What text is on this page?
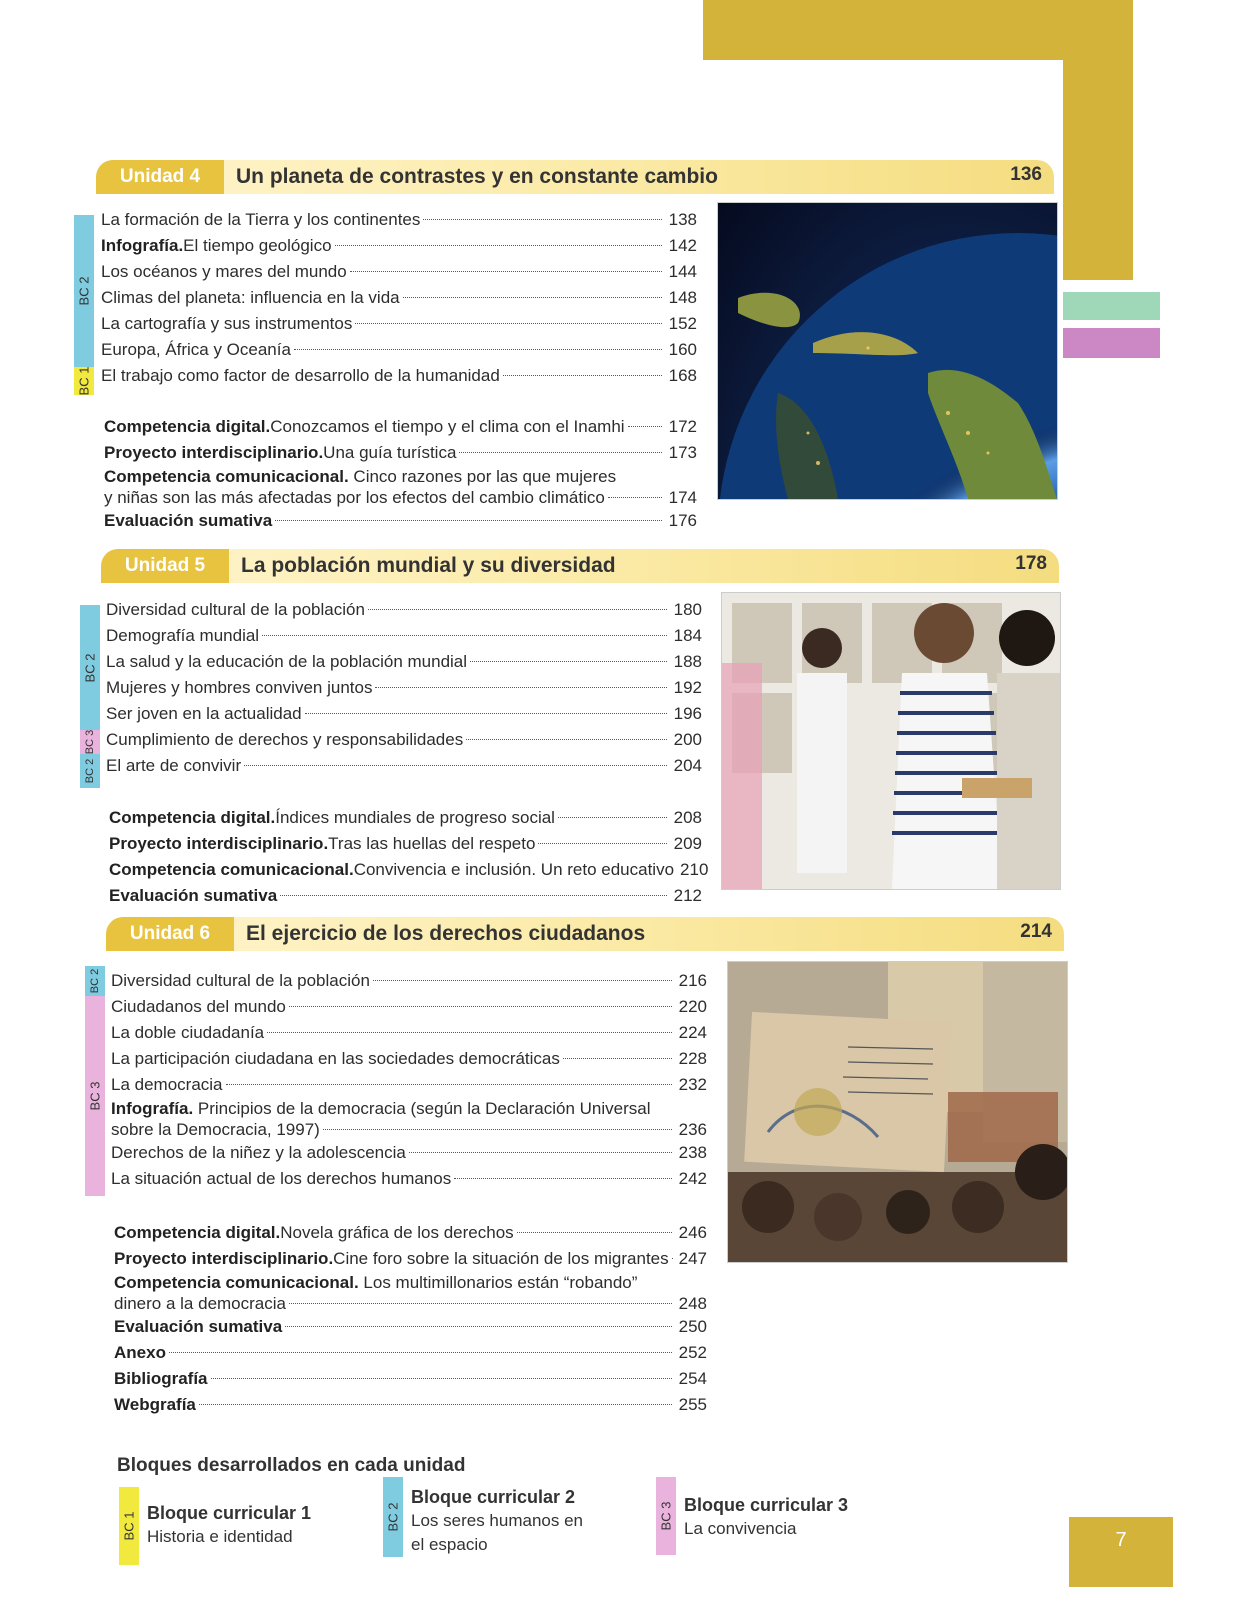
Unidad 4	Un planeta de contrastes y en constante cambio	136
BC 2
BC 1
La formación de la Tierra y los continentes	138
Infografía. El tiempo geológico	142
Los océanos y mares del mundo	144
Climas del planeta: influencia en la vida	148
La cartografía y sus instrumentos	152
Europa, África y Oceanía	160
El trabajo como factor de desarrollo de la humanidad	168
Competencia digital. Conozcamos el tiempo y el clima con el Inamhi	172
Proyecto interdisciplinario. Una guía turística	173
Competencia comunicacional. Cinco razones por las que mujeres
y niñas son las más afectadas por los efectos del cambio climático	174
Evaluación sumativa	176
Unidad 5	La población mundial y su diversidad	178
BC 2
BC 3
BC 2
Diversidad cultural de la población	180
Demografía mundial	184
La salud y la educación de la población mundial	188
Mujeres y hombres conviven juntos	192
Ser joven en la actualidad	196
Cumplimiento de derechos y responsabilidades	200
El arte de convivir	204
Competencia digital. Índices mundiales de progreso social	208
Proyecto interdisciplinario. Tras las huellas del respeto	209
Competencia comunicacional. Convivencia e inclusión. Un reto educativo 210
Evaluación sumativa	212
Unidad 6	El ejercicio de los derechos ciudadanos	214
BC 2
BC 3
Diversidad cultural de la población	216
Ciudadanos del mundo	220
La doble ciudadanía	224
La participación ciudadana en las sociedades democráticas	228
La democracia	232
Infografía. Principios de la democracia (según la Declaración Universal
sobre la Democracia, 1997)	236
Derechos de la niñez y la adolescencia	238
La situación actual de los derechos humanos	242
Competencia digital. Novela gráfica de los derechos	246
Proyecto interdisciplinario. Cine foro sobre la situación de los migrantes 247
Competencia comunicacional. Los multimillonarios están “robando”
dinero a la democracia	248
Evaluación sumativa	250
Anexo	252
Bibliografía	254
Webgrafía	255
Bloques desarrollados en cada unidad
BC 1 Bloque curricular 1
Historia e identidad
BC 2
Bloque curricular 2
Los seres humanos en
el espacio
BC 3 Bloque curricular 3
La convivencia
7
